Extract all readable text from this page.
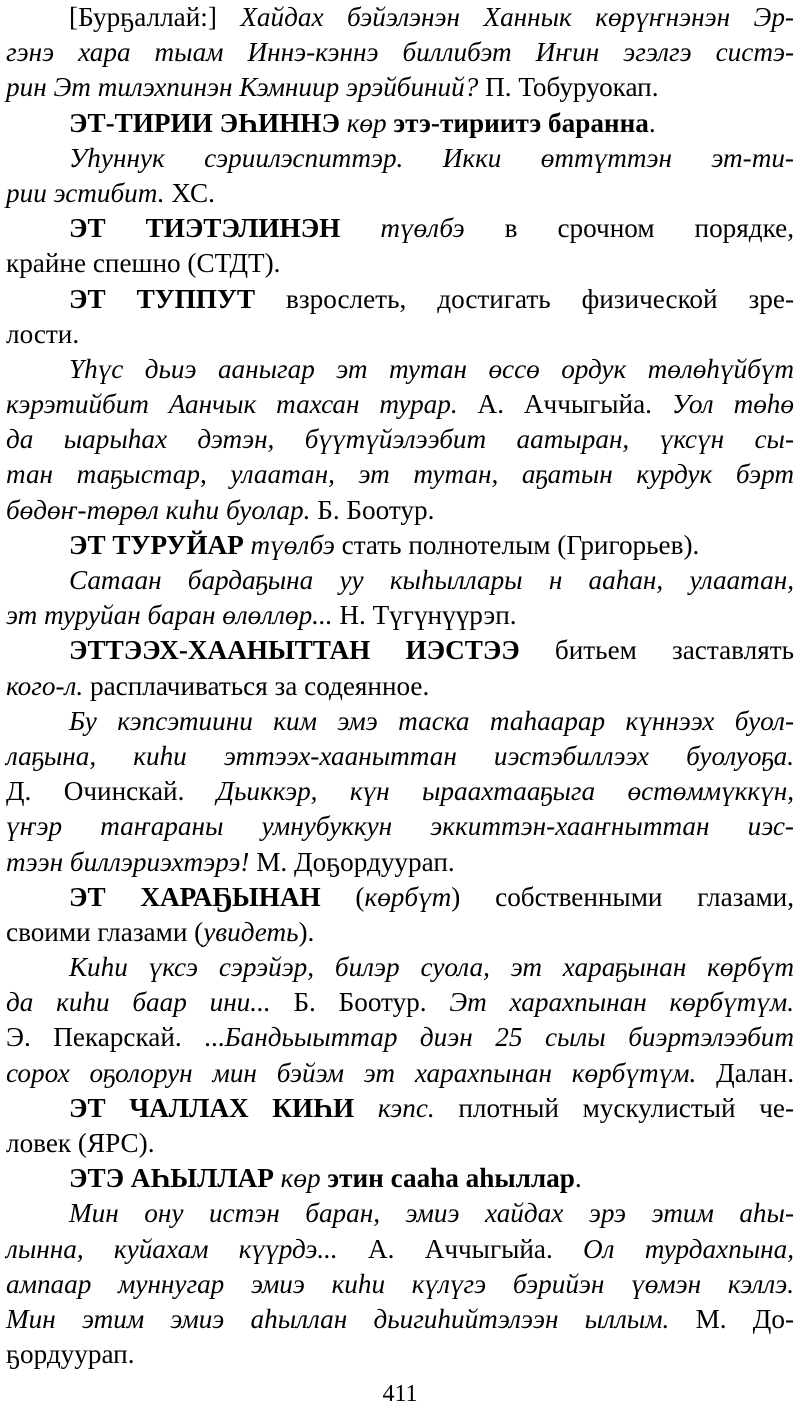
[Бурҕаллай:] Хайдах бэйэлэнэн Ханнык көрүҥнэнэн Эр-
гэнэ хара тыам Иннэ-кэннэ биллибэт Иҥин эгэлгэ систэ-
рин Эт тилэхпинэн Кэмниир эрэйбиний? П. Тобуруокап.
ЭТ-ТИРИИ ЭҺИННЭ көр этэ-тириитэ баранна.
Уһуннук сэриилэспиттэр. Икки өттүттэн эт-ти-
рии эстибит. ХС.
ЭТ ТИЭТЭЛИНЭН түөлбэ в срочном порядке,
крайне спешно (СТДТ).
ЭТ ТУППУТ взрослеть, достигать физической зре-
лости.
Үһүс дьиэ ааныгар эт тутан өссө ордук төлөһүйбүт
кэрэтийбит Аанчык тахсан турар. А. Аччыгыйа. Уол төһө
да ыарыһах дэтэн, бүүтүйэлээбит аатыран, үксүн сы-
тан таҕыстар, улаатан, эт тутан, аҕатын курдук бэрт
бөдөҥ-төрөл киһи буолар. Б. Боотур.
ЭТ ТУРУЙАР түөлбэ стать полнотелым (Григорьев).
Сатаан бардаҕына уу кыһыллары н ааһан, улаатан,
эт туруйан баран өлөллөр... Н. Түгүнүүрэп.
ЭТТЭЭХ-ХААНЫТТАН ИЭСТЭЭ битьем заставлять
кого-л. расплачиваться за содеянное.
Бу кэпсэтиини ким эмэ таска таһаарар күннээх буол-
лаҕына, киһи эттээх-хааныттан иэстэбиллээх буолуоҕа.
Д. Очинскай. Дьиккэр, күн ыраахтааҕыга өстөммүккүн,
үҥэр таҥараны умнубуккун эккиттэн-хааҥныттан иэс-
тээн биллэриэхтэрэ! М. Доҕордуурап.
ЭТ ХАРАҔЫНАН (көрбүт) собственными глазами,
своими глазами (увидеть).
Киһи үксэ сэрэйэр, билэр суола, эт хараҕынан көрбүт
да киһи баар ини... Б. Боотур. Эт харахпынан көрбүтүм.
Э. Пекарскай. ...Бандьыыттар диэн 25 сылы биэртэлээбит
сорох оҕолорун мин бэйэм эт харахпынан көрбүтүм. Далан.
ЭТ ЧАЛЛАХ КИҺИ кэпс. плотный мускулистый че-
ловек (ЯРС).
ЭТЭ АҺЫЛЛАР көр этин сааһа аһыллар.
Мин ону истэн баран, эмиэ хайдах эрэ этим аһы-
лынна, куйахам күүрдэ... А. Аччыгыйа. Ол турдахпына,
ампаар муннугар эмиэ киһи күлүгэ бэрийэн үөмэн кэллэ.
Мин этим эмиэ аһыллан дьигиһийтэлээн ыллым. М. До-
ҕордуурап.
411
